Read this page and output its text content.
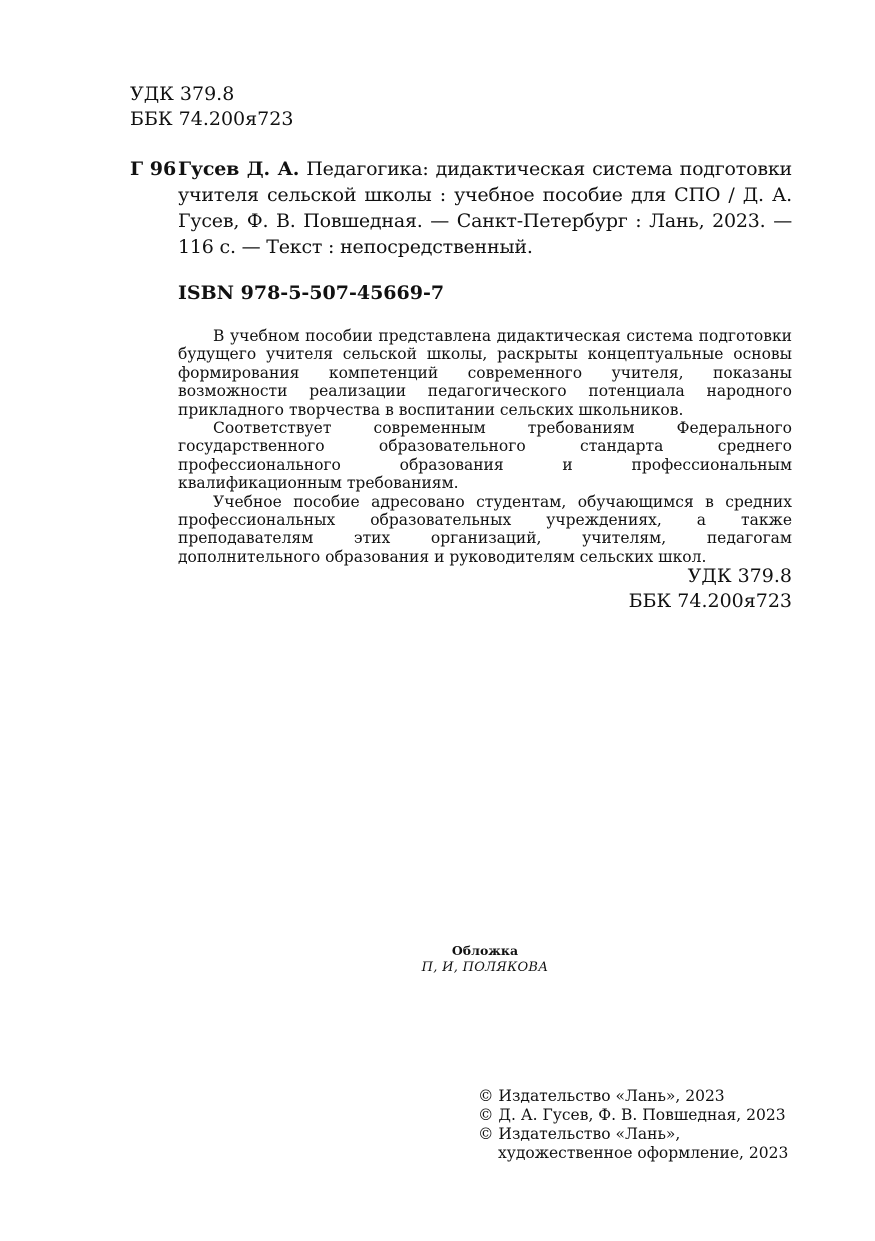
УДК 379.8
ББК 74.200я723
Г 96 Гусев Д. А. Педагогика: дидактическая система подготовки учителя сельской школы : учебное пособие для СПО / Д. А. Гусев, Ф. В. Повшедная. — Санкт-Петербург : Лань, 2023. — 116 с. — Текст : непосредственный.
ISBN 978-5-507-45669-7

В учебном пособии представлена дидактическая система подготовки будущего учителя сельской школы, раскрыты концептуальные основы формирования компетенций современного учителя, показаны возможности реализации педагогического потенциала народного прикладного творчества в воспитании сельских школьников.

Соответствует современным требованиям Федерального государственного образовательного стандарта среднего профессионального образования и профессиональным квалификационным требованиям.

Учебное пособие адресовано студентам, обучающимся в средних профессиональных образовательных учреждениях, а также преподавателям этих организаций, учителям, педагогам дополнительного образования и руководителям сельских школ.

УДК 379.8
ББК 74.200я723
Обложка
П, И, ПОЛЯКОВА
© Издательство «Лань», 2023
© Д. А. Гусев, Ф. В. Повшедная, 2023
© Издательство «Лань»,
художественное оформление, 2023
